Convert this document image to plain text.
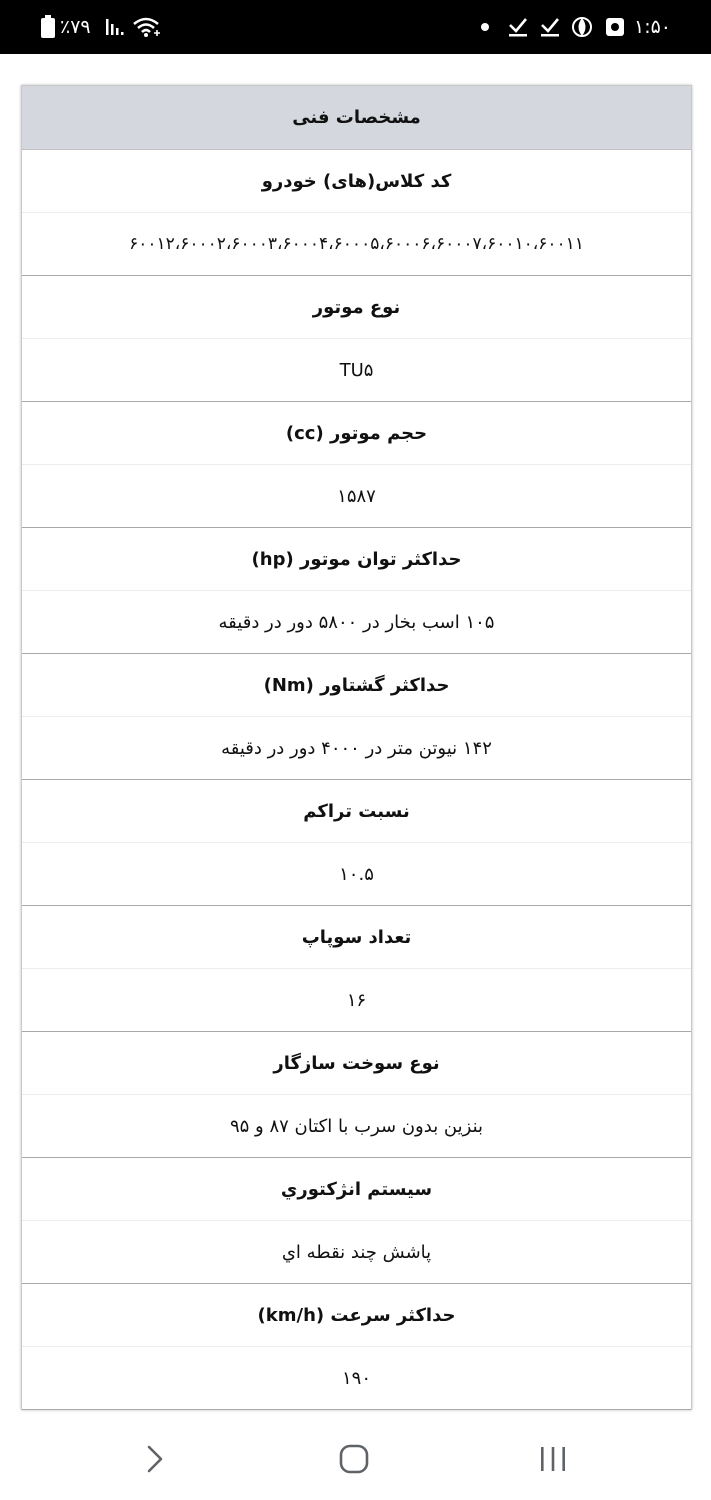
٪۷۹	۱:۵۰
مشخصات فنی
کد کلاس(های) خودرو
۶۰۰۱۲،۶۰۰۰۲،۶۰۰۰۳،۶۰۰۰۴،۶۰۰۰۵،۶۰۰۰۶،۶۰۰۰۷،۶۰۰۱۰،۶۰۰۱۱
نوع موتور
TU۵
حجم موتور (cc)
۱۵۸۷
حداکثر توان موتور (hp)
۱۰۵ اسب بخار در ۵۸۰۰ دور در دقیقه
حداکثر گشتاور (Nm)
۱۴۲ نیوتن متر در ۴۰۰۰ دور در دقیقه
نسبت تراکم
۱۰.۵
تعداد سوپاپ
۱۶
نوع سوخت سازگار
بنزین بدون سرب با اکتان ۸۷ و ۹۵
سيستم انژکتوري
پاشش چند نقطه اي
حداکثر سرعت (km/h)
۱۹۰
